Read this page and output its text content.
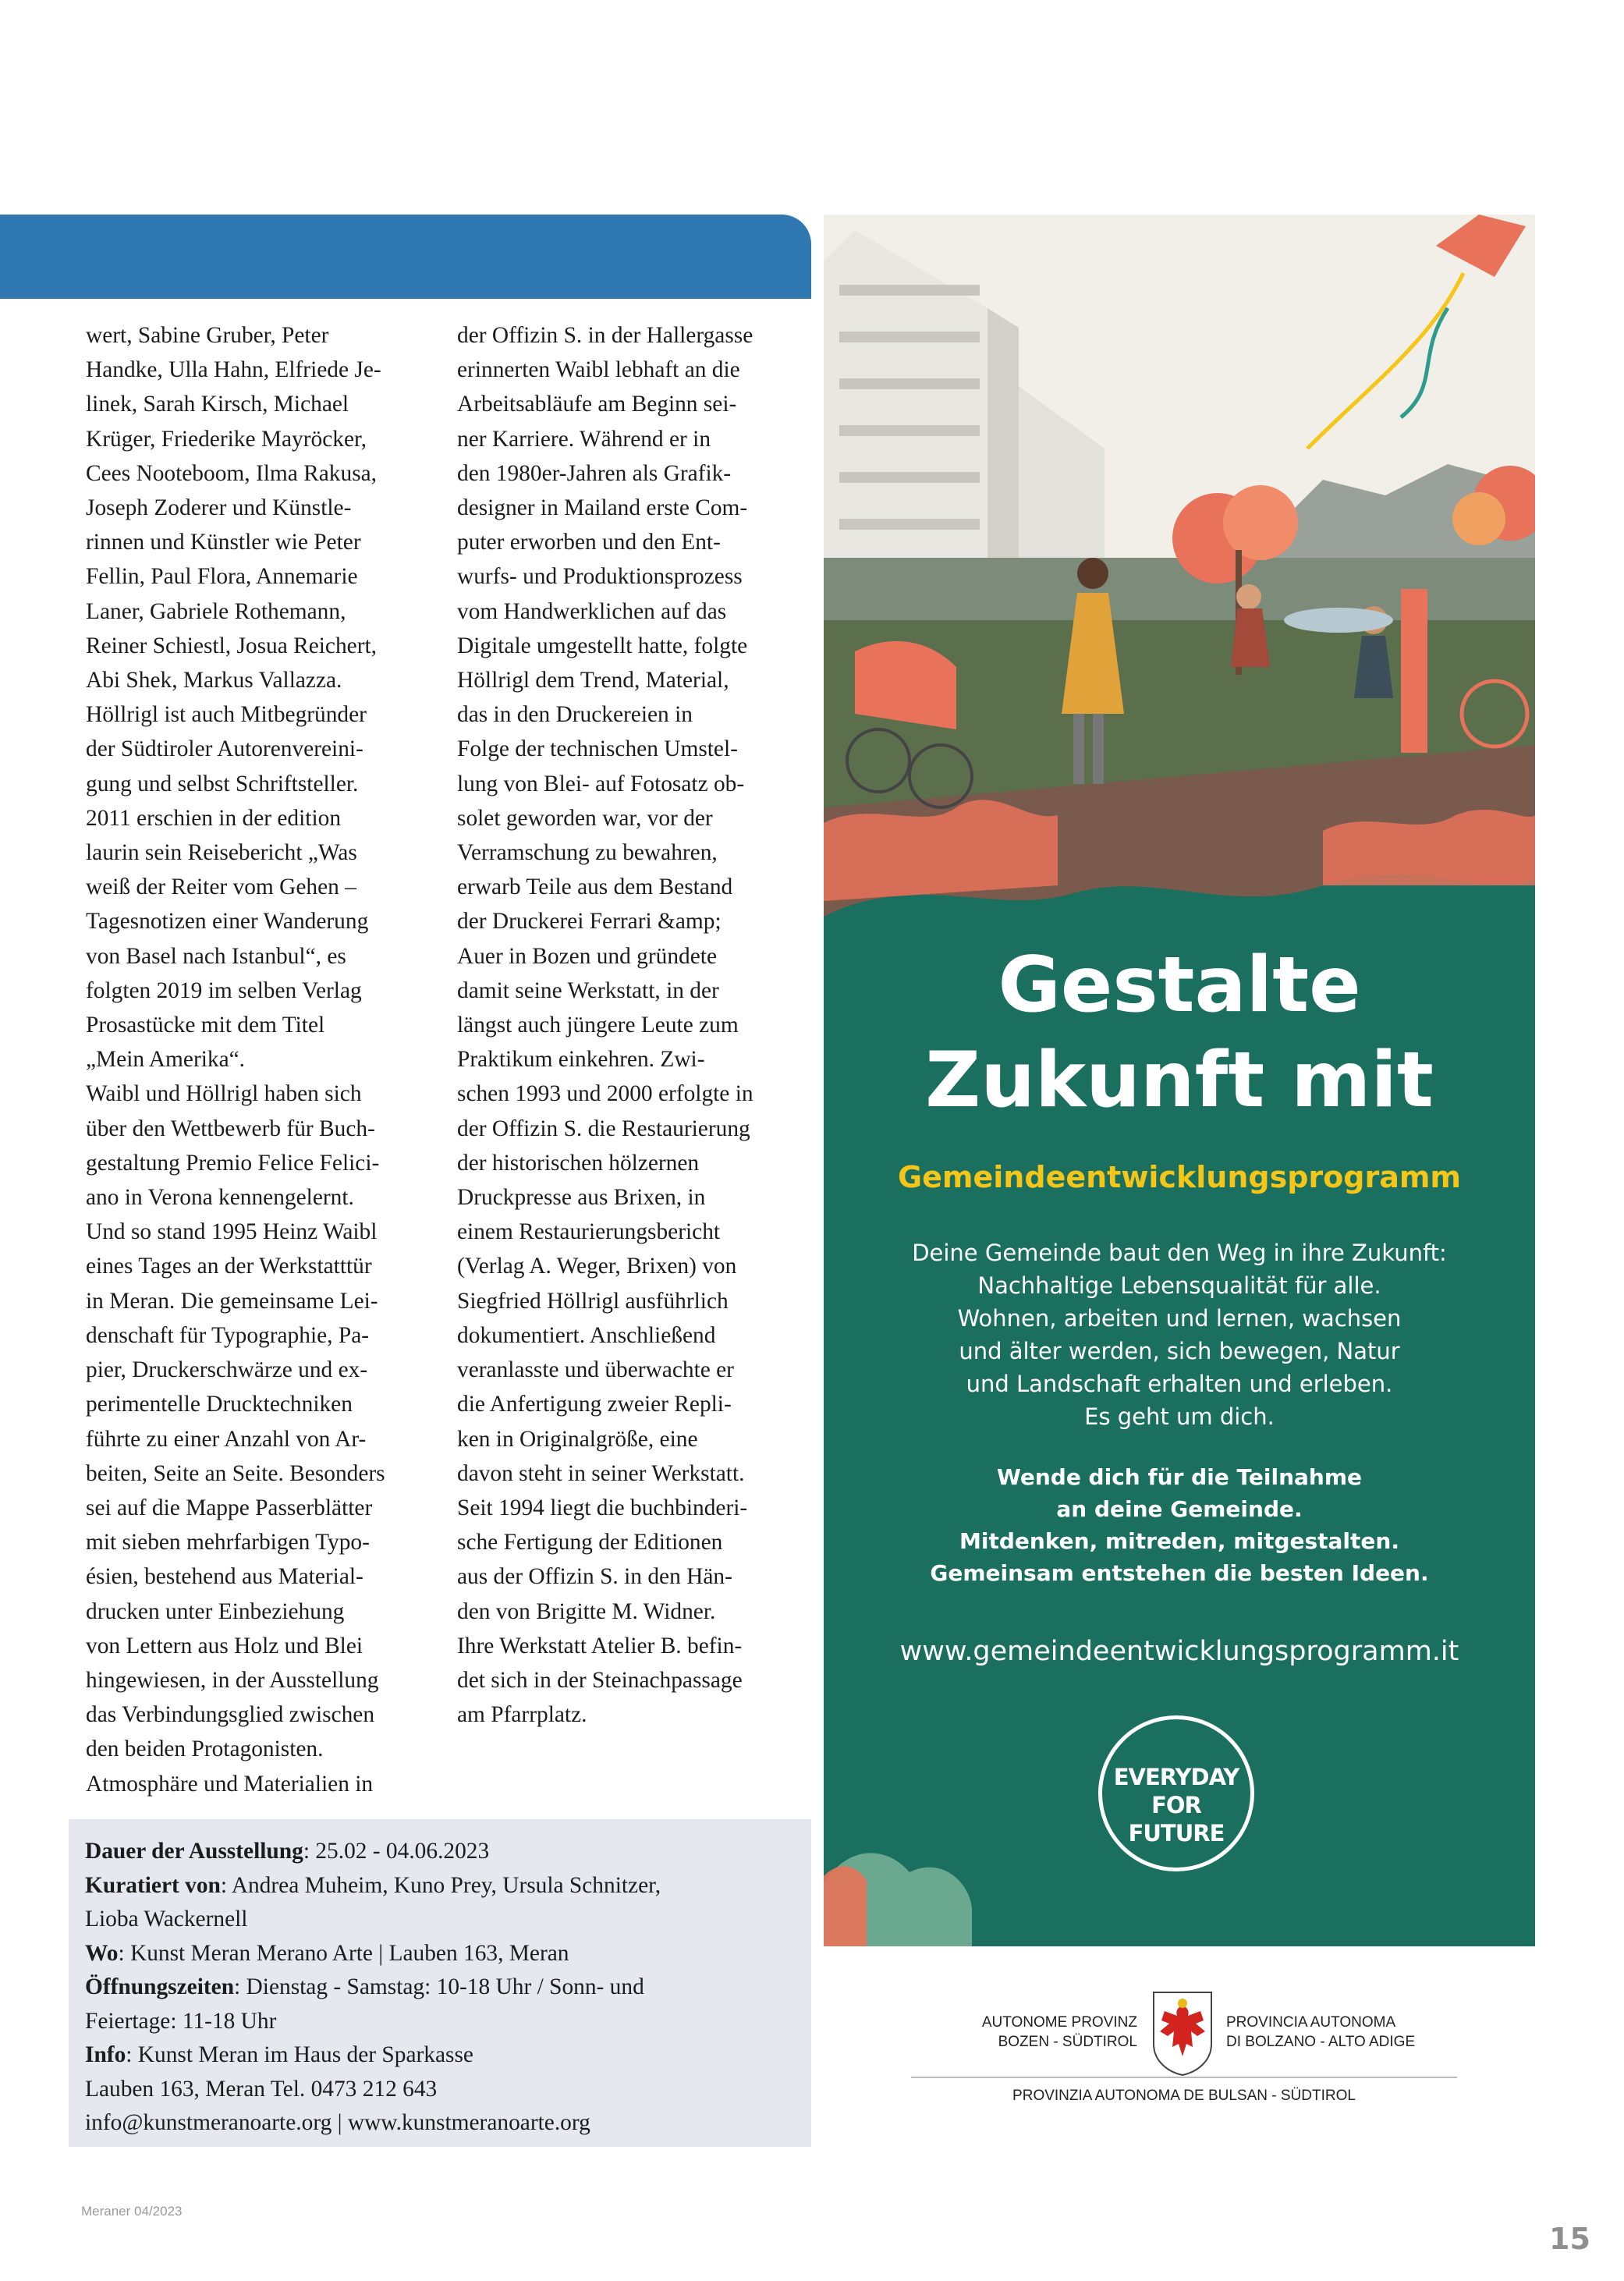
wert, Sabine Gruber, Peter
Handke, Ulla Hahn, Elfriede Je-
linek, Sarah Kirsch, Michael
Krüger, Friederike Mayröcker,
Cees Nooteboom, Ilma Rakusa,
Joseph Zoderer und Künstle-
rinnen und Künstler wie Peter
Fellin, Paul Flora, Annemarie
Laner, Gabriele Rothemann,
Reiner Schiestl, Josua Reichert,
Abi Shek, Markus Vallazza.
Höllrigl ist auch Mitbegründer
der Südtiroler Autorenvereini-
gung und selbst Schriftsteller.
2011 erschien in der edition
laurin sein Reisebericht „Was
weiß der Reiter vom Gehen –
Tagesnotizen einer Wanderung
von Basel nach Istanbul“, es
folgten 2019 im selben Verlag
Prosastücke mit dem Titel
„Mein Amerika“.
Waibl und Höllrigl haben sich
über den Wettbewerb für Buch-
gestaltung Premio Felice Felici-
ano in Verona kennengelernt.
Und so stand 1995 Heinz Waibl
eines Tages an der Werkstatttür
in Meran. Die gemeinsame Lei-
denschaft für Typographie, Pa-
pier, Druckerschwärze und ex-
perimentelle Drucktechniken
führte zu einer Anzahl von Ar-
beiten, Seite an Seite. Besonders
sei auf die Mappe Passerblätter
mit sieben mehrfarbigen Typo-
ésien, bestehend aus Material-
drucken unter Einbeziehung
von Lettern aus Holz und Blei
hingewiesen, in der Ausstellung
das Verbindungsglied zwischen
den beiden Protagonisten.
Atmosphäre und Materialien in
der Offizin S. in der Hallergasse
erinnerten Waibl lebhaft an die
Arbeitsabläufe am Beginn sei-
ner Karriere. Während er in
den 1980er-Jahren als Grafik-
designer in Mailand erste Com-
puter erworben und den Ent-
wurfs- und Produktionsprozess
vom Handwerklichen auf das
Digitale umgestellt hatte, folgte
Höllrigl dem Trend, Material,
das in den Druckereien in
Folge der technischen Umstel-
lung von Blei- auf Fotosatz ob-
solet geworden war, vor der
Verramschung zu bewahren,
erwarb Teile aus dem Bestand
der Druckerei Ferrari &amp;
Auer in Bozen und gründete
damit seine Werkstatt, in der
längst auch jüngere Leute zum
Praktikum einkehren. Zwi-
schen 1993 und 2000 erfolgte in
der Offizin S. die Restaurierung
der historischen hölzernen
Druckpresse aus Brixen, in
einem Restaurierungsbericht
(Verlag A. Weger, Brixen) von
Siegfried Höllrigl ausführlich
dokumentiert. Anschließend
veranlasste und überwachte er
die Anfertigung zweier Repli-
ken in Originalgröße, eine
davon steht in seiner Werkstatt.
Seit 1994 liegt die buchbinderi-
sche Fertigung der Editionen
aus der Offizin S. in den Hän-
den von Brigitte M. Widner.
Ihre Werkstatt Atelier B. befin-
det sich in der Steinachpassage
am Pfarrplatz.
Dauer der Ausstellung: 25.02 - 04.06.2023
Kuratiert von: Andrea Muheim, Kuno Prey, Ursula Schnitzer,
Lioba Wackernell
Wo: Kunst Meran Merano Arte | Lauben 163, Meran
Öffnungszeiten: Dienstag - Samstag: 10-18 Uhr / Sonn- und
Feiertage: 11-18 Uhr
Info: Kunst Meran im Haus der Sparkasse
Lauben 163, Meran Tel. 0473 212 643
info@kunstmeranoarte.org | www.kunstmeranoarte.org
Gestalte
Zukunft mit
Gemeindeentwicklungsprogramm
Deine Gemeinde baut den Weg in ihre Zukunft:
Nachhaltige Lebensqualität für alle.
Wohnen, arbeiten und lernen, wachsen
und älter werden, sich bewegen, Natur
und Landschaft erhalten und erleben.
Es geht um dich.
Wende dich für die Teilnahme
an deine Gemeinde.
Mitdenken, mitreden, mitgestalten.
Gemeinsam entstehen die besten Ideen.
www.gemeindeentwicklungsprogramm.it
EVERYDAY
FOR FUTURE
AUTONOME PROVINZ
BOZEN - SÜDTIROL
PROVINCIA AUTONOMA
DI BOLZANO - ALTO ADIGE
PROVINZIA AUTONOMA DE BULSAN - SÜDTIROL
Meraner 04/2023
15
